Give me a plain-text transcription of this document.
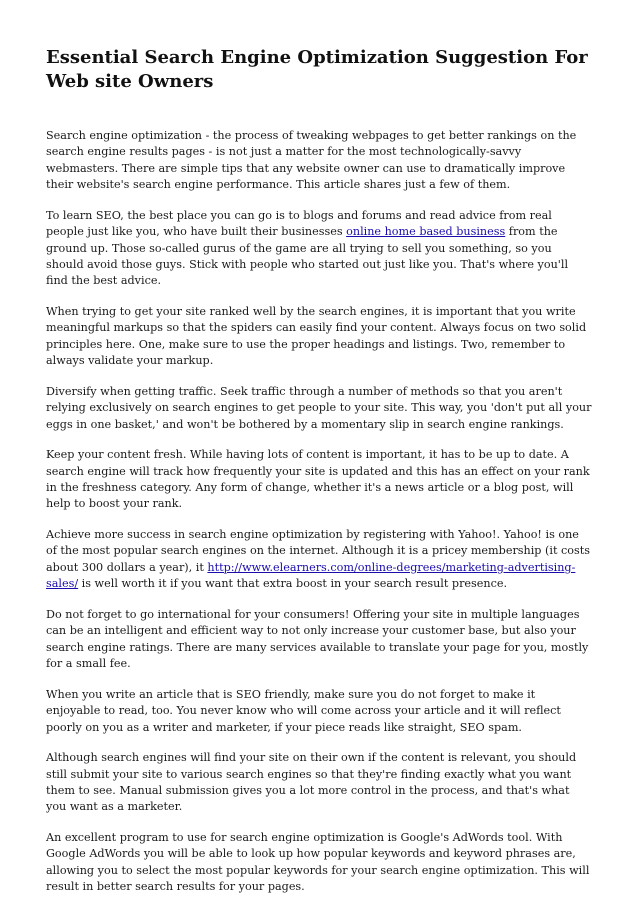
Essential Search Engine Optimization Suggestion For Web site Owners

Search engine optimization - the process of tweaking webpages to get better rankings on the search engine results pages - is not just a matter for the most technologically-savvy webmasters. There are simple tips that any website owner can use to dramatically improve their website's search engine performance. This article shares just a few of them.

To learn SEO, the best place you can go is to blogs and forums and read advice from real people just like you, who have built their businesses online home based business from the ground up. Those so-called gurus of the game are all trying to sell you something, so you should avoid those guys. Stick with people who started out just like you. That's where you'll find the best advice.

When trying to get your site ranked well by the search engines, it is important that you write meaningful markups so that the spiders can easily find your content. Always focus on two solid principles here. One, make sure to use the proper headings and listings. Two, remember to always validate your markup.

Diversify when getting traffic. Seek traffic through a number of methods so that you aren't relying exclusively on search engines to get people to your site. This way, you 'don't put all your eggs in one basket,' and won't be bothered by a momentary slip in search engine rankings.

Keep your content fresh. While having lots of content is important, it has to be up to date. A search engine will track how frequently your site is updated and this has an effect on your rank in the freshness category. Any form of change, whether it's a news article or a blog post, will help to boost your rank.

Achieve more success in search engine optimization by registering with Yahoo!. Yahoo! is one of the most popular search engines on the internet. Although it is a pricey membership (it costs about 300 dollars a year), it http://www.elearners.com/online-degrees/marketing-advertising-sales/ is well worth it if you want that extra boost in your search result presence.

Do not forget to go international for your consumers! Offering your site in multiple languages can be an intelligent and efficient way to not only increase your customer base, but also your search engine ratings. There are many services available to translate your page for you, mostly for a small fee.

When you write an article that is SEO friendly, make sure you do not forget to make it enjoyable to read, too. You never know who will come across your article and it will reflect poorly on you as a writer and marketer, if your piece reads like straight, SEO spam.

Although search engines will find your site on their own if the content is relevant, you should still submit your site to various search engines so that they're finding exactly what you want them to see. Manual submission gives you a lot more control in the process, and that's what you want as a marketer.

An excellent program to use for search engine optimization is Google's AdWords tool. With Google AdWords you will be able to look up how popular keywords and keyword phrases are, allowing you to select the most popular keywords for your search engine optimization. This will result in better search results for your pages.
